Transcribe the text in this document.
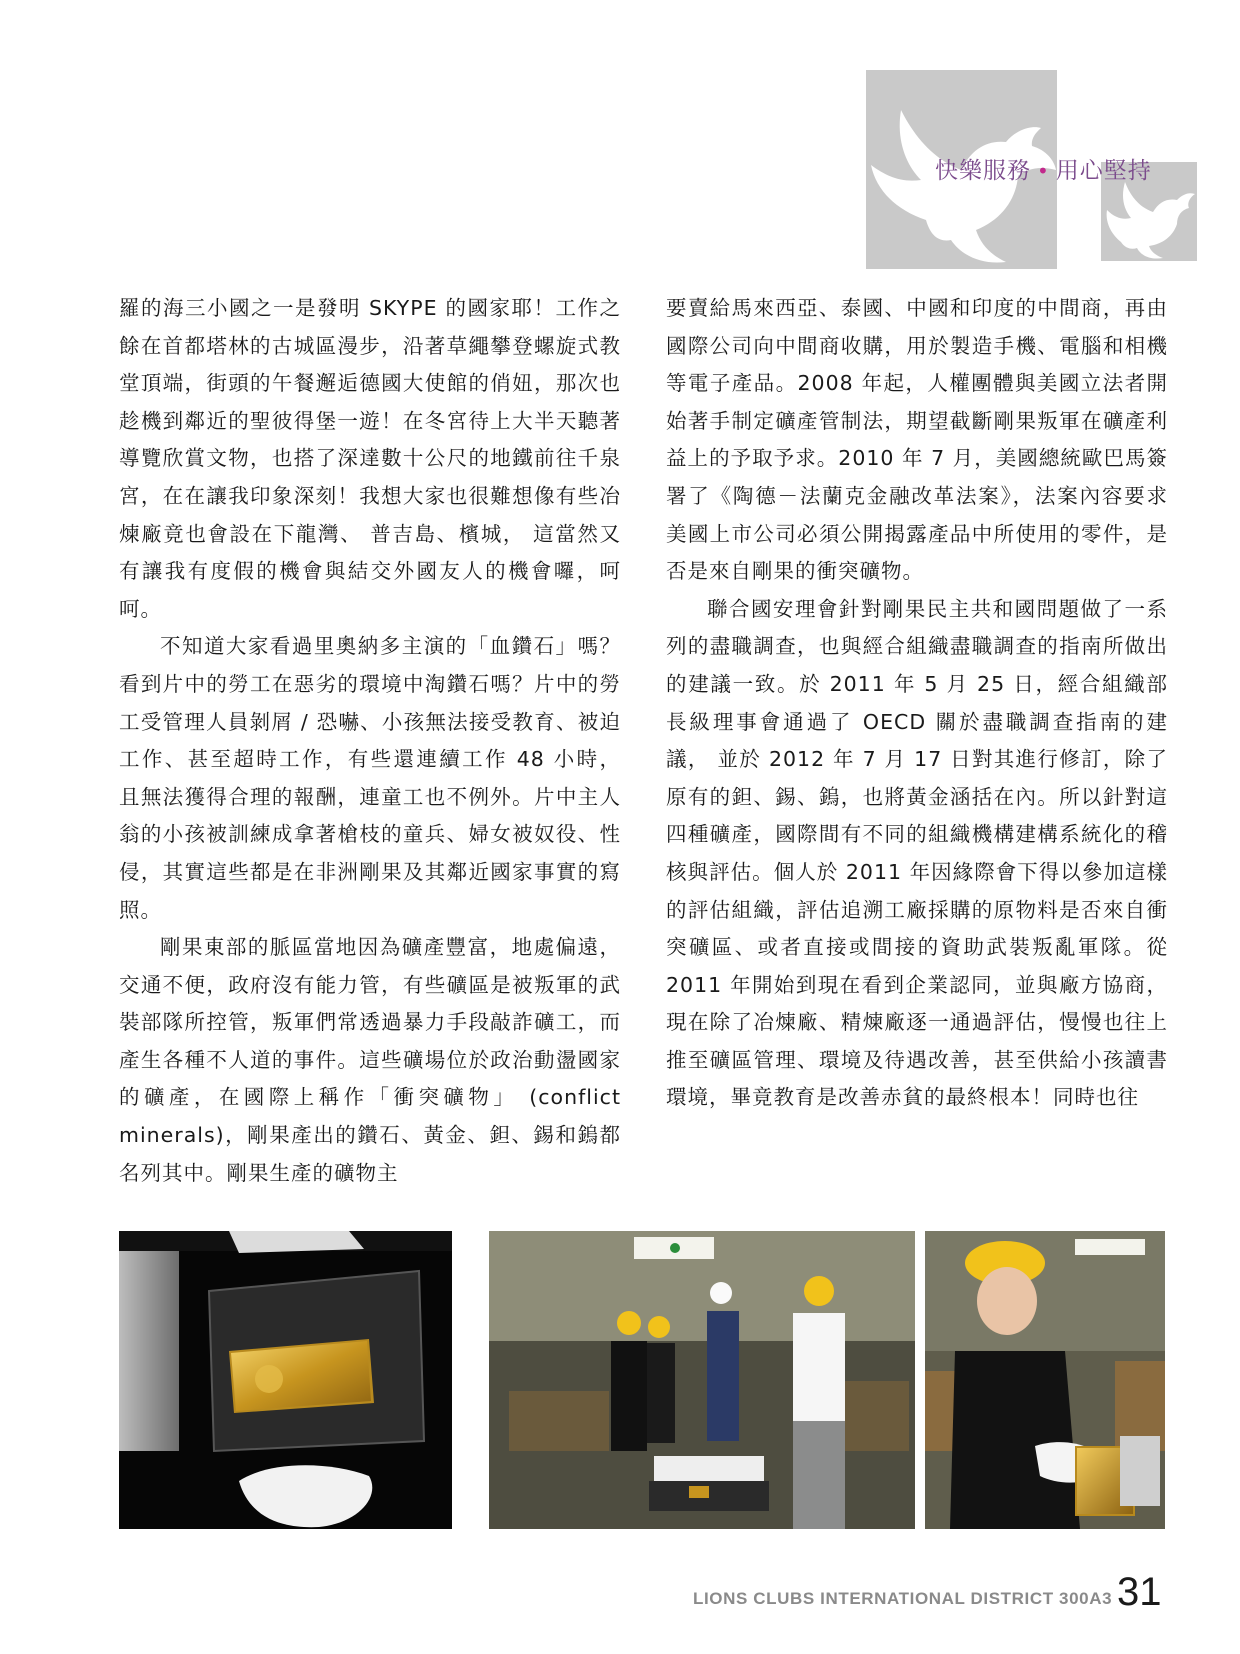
快樂服務 • 用心堅持

羅的海三小國之一是發明 SKYPE 的國家耶！工作之餘在首都塔林的古城區漫步，沿著草繩攀登螺旋式教堂頂端，街頭的午餐邂逅德國大使館的俏妞，那次也趁機到鄰近的聖彼得堡一遊！在冬宮待上大半天聽著導覽欣賞文物，也搭了深達數十公尺的地鐵前往千泉宮，在在讓我印象深刻！我想大家也很難想像有些冶煉廠竟也會設在下龍灣、 普吉島、檳城， 這當然又有讓我有度假的機會與結交外國友人的機會囉，呵呵。

不知道大家看過里奧納多主演的「血鑽石」嗎？ 看到片中的勞工在惡劣的環境中淘鑽石嗎？片中的勞工受管理人員剝屑 / 恐嚇、小孩無法接受教育、被迫工作、甚至超時工作，有些還連續工作 48 小時， 且無法獲得合理的報酬，連童工也不例外。片中主人翁的小孩被訓練成拿著槍枝的童兵、婦女被奴役、性侵，其實這些都是在非洲剛果及其鄰近國家事實的寫照。

剛果東部的脈區當地因為礦產豐富，地處偏遠，交通不便，政府沒有能力管，有些礦區是被叛軍的武裝部隊所控管，叛軍們常透過暴力手段敲詐礦工，而產生各種不人道的事件。這些礦場位於政治動盪國家的礦產，在國際上稱作「衝突礦物」 (conflict minerals)，剛果產出的鑽石、黃金、鉭、錫和鎢都名列其中。剛果生產的礦物主

要賣給馬來西亞、泰國、中國和印度的中間商，再由國際公司向中間商收購，用於製造手機、電腦和相機等電子產品。2008 年起，人權團體與美國立法者開始著手制定礦產管制法，期望截斷剛果叛軍在礦產利益上的予取予求。2010 年 7 月，美國總統歐巴馬簽署了《陶德－法蘭克金融改革法案》，法案內容要求美國上市公司必須公開揭露產品中所使用的零件，是否是來自剛果的衝突礦物。

聯合國安理會針對剛果民主共和國問題做了一系列的盡職調查，也與經合組織盡職調查的指南所做出的建議一致。於 2011 年 5 月 25 日，經合組織部長級理事會通過了 OECD 關於盡職調查指南的建議， 並於 2012 年 7 月 17 日對其進行修訂，除了原有的鉭、錫、鎢，也將黃金涵括在內。所以針對這四種礦產，國際間有不同的組織機構建構系統化的稽核與評估。個人於 2011 年因緣際會下得以參加這樣的評估組織，評估追溯工廠採購的原物料是否來自衝突礦區、或者直接或間接的資助武裝叛亂軍隊。從 2011 年開始到現在看到企業認同，並與廠方協商，現在除了冶煉廠、精煉廠逐一通過評估，慢慢也往上推至礦區管理、環境及待遇改善，甚至供給小孩讀書環境，畢竟教育是改善赤貧的最終根本！同時也往

LIONS CLUBS INTERNATIONAL DISTRICT 300A3 31
